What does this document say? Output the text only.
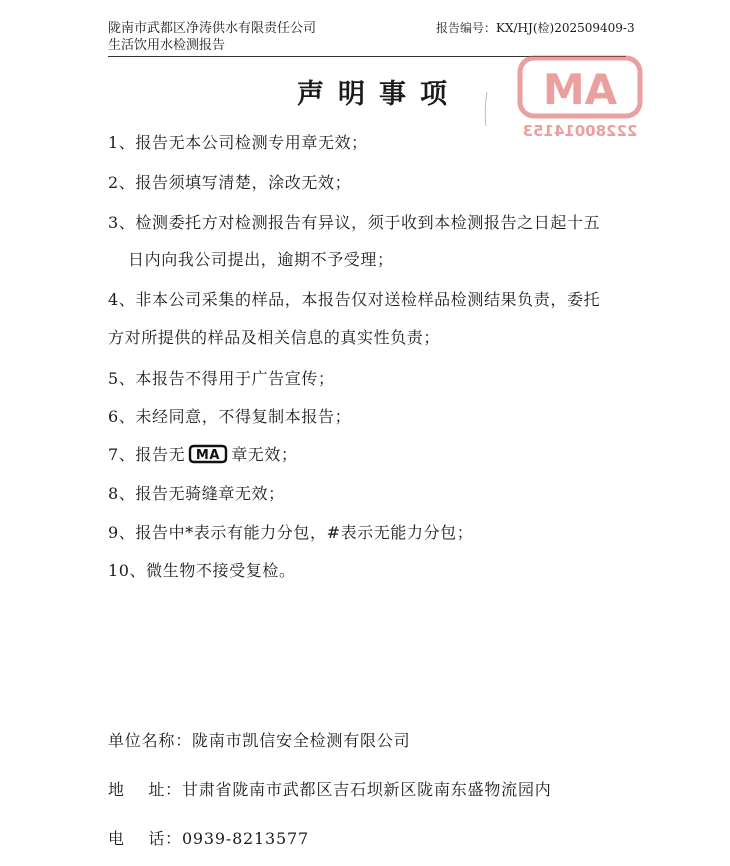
陇南市武都区净涛供水有限责任公司
生活饮用水检测报告
报告编号：KX/HJ(检)202509409-3
声明事项	MA
22280014153
1、报告无本公司检测专用章无效；
2、报告须填写清楚，涂改无效；
3、检测委托方对检测报告有异议，须于收到本检测报告之日起十五
日内向我公司提出，逾期不予受理；
4、非本公司采集的样品，本报告仅对送检样品检测结果负责，委托
方对所提供的样品及相关信息的真实性负责；
5、本报告不得用于广告宣传；
6、未经同意，不得复制本报告；
7、报告无 MA 章无效；
8、报告无骑缝章无效；
9、报告中*表示有能力分包，#表示无能力分包；
10、微生物不接受复检。
单位名称：陇南市凯信安全检测有限公司
地    址：甘肃省陇南市武都区吉石坝新区陇南东盛物流园内
电    话：0939-8213577
